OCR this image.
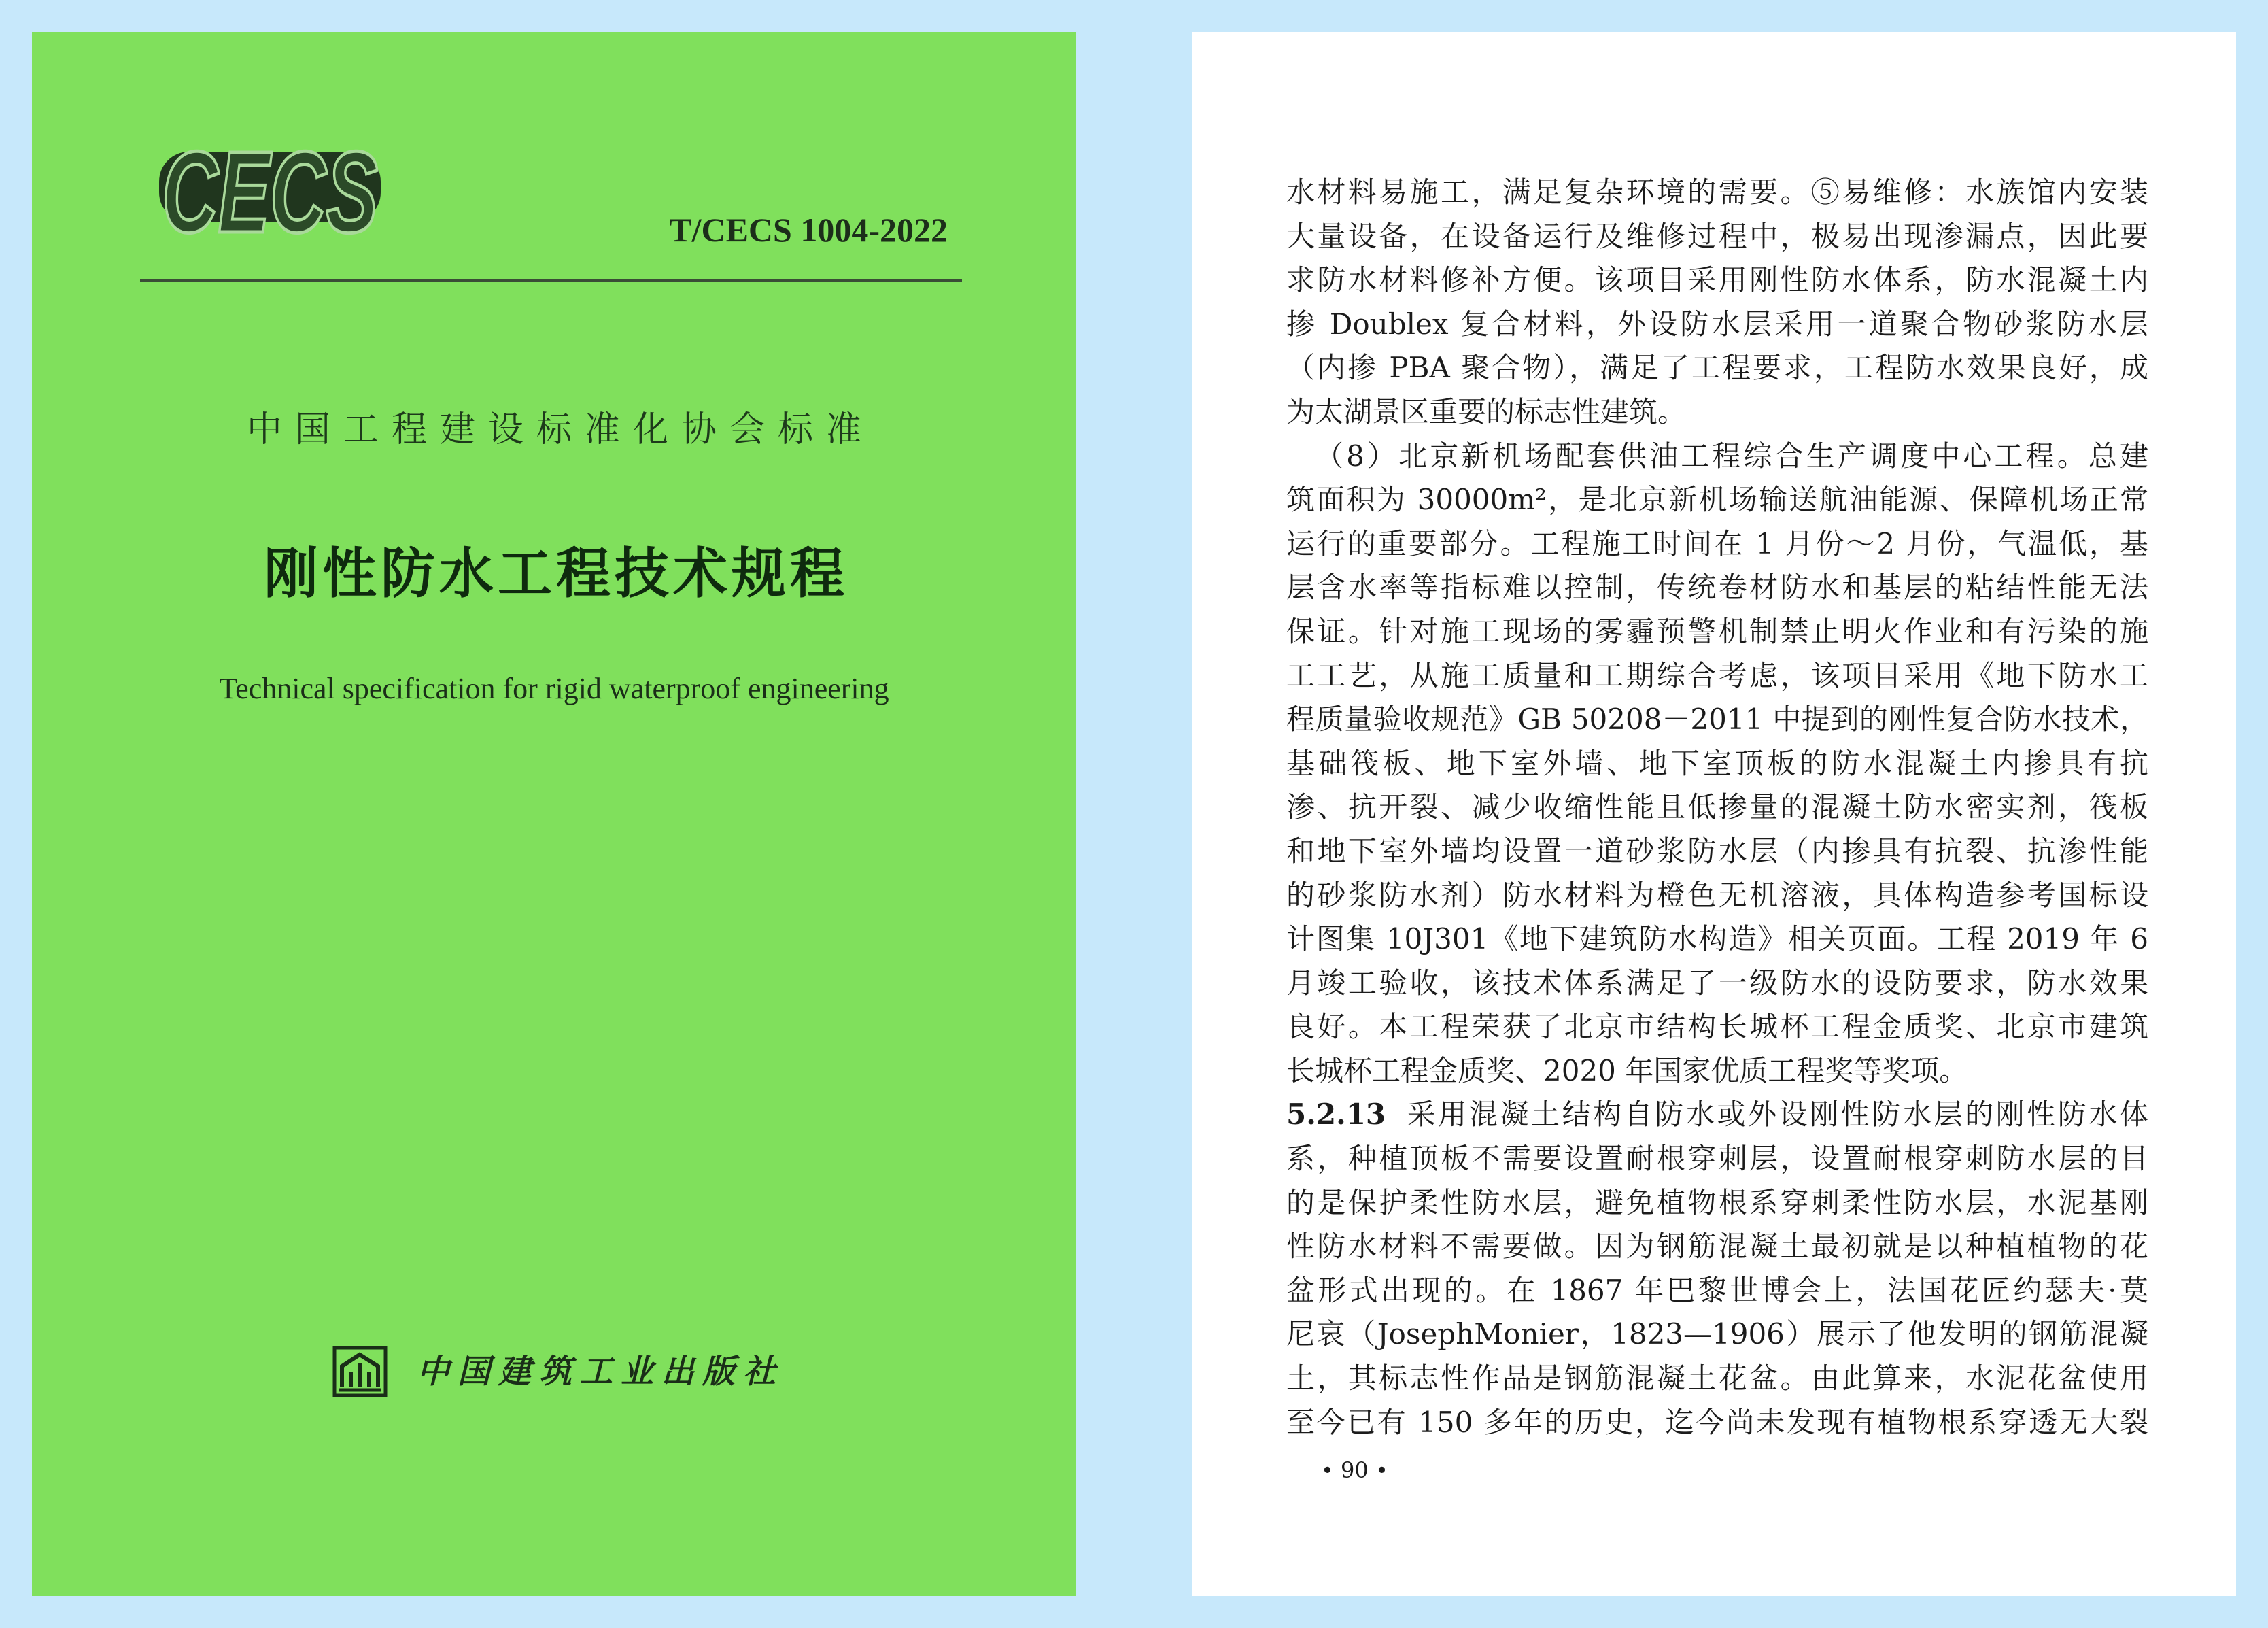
CECS	T/CECS 1004-2022
中国工程建设标准化协会标准
刚性防水工程技术规程
Technical specification for rigid waterproof engineering
中国建筑工业出版社
水材料易施工，满足复杂环境的需要。⑤易维修：水族馆内安装
大量设备，在设备运行及维修过程中，极易出现渗漏点，因此要
求防水材料修补方便。该项目采用刚性防水体系，防水混凝土内
掺 Doublex 复合材料，外设防水层采用一道聚合物砂浆防水层
（内掺 PBA 聚合物），满足了工程要求，工程防水效果良好，成
为太湖景区重要的标志性建筑。
（8）北京新机场配套供油工程综合生产调度中心工程。总建
筑面积为 30000m²，是北京新机场输送航油能源、保障机场正常
运行的重要部分。工程施工时间在 1 月份～2 月份，气温低，基
层含水率等指标难以控制，传统卷材防水和基层的粘结性能无法
保证。针对施工现场的雾霾预警机制禁止明火作业和有污染的施
工工艺，从施工质量和工期综合考虑，该项目采用《地下防水工
程质量验收规范》GB 50208－2011 中提到的刚性复合防水技术，
基础筏板、地下室外墙、地下室顶板的防水混凝土内掺具有抗
渗、抗开裂、减少收缩性能且低掺量的混凝土防水密实剂，筏板
和地下室外墙均设置一道砂浆防水层（内掺具有抗裂、抗渗性能
的砂浆防水剂）防水材料为橙色无机溶液，具体构造参考国标设
计图集 10J301《地下建筑防水构造》相关页面。工程 2019 年 6
月竣工验收，该技术体系满足了一级防水的设防要求，防水效果
良好。本工程荣获了北京市结构长城杯工程金质奖、北京市建筑
长城杯工程金质奖、2020 年国家优质工程奖等奖项。
5.2.13 采用混凝土结构自防水或外设刚性防水层的刚性防水体
系，种植顶板不需要设置耐根穿刺层，设置耐根穿刺防水层的目
的是保护柔性防水层，避免植物根系穿刺柔性防水层，水泥基刚
性防水材料不需要做。因为钢筋混凝土最初就是以种植植物的花
盆形式出现的。在 1867 年巴黎世博会上，法国花匠约瑟夫·莫
尼哀（JosephMonier，1823—1906）展示了他发明的钢筋混凝
土，其标志性作品是钢筋混凝土花盆。由此算来，水泥花盆使用
至今已有 150 多年的历史，迄今尚未发现有植物根系穿透无大裂
• 90 •
